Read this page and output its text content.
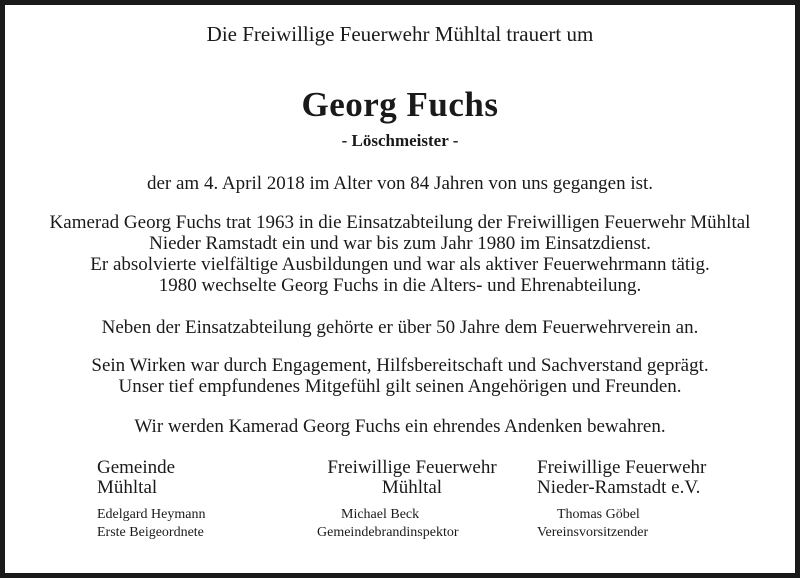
Die Freiwillige Feuerwehr Mühltal trauert um
Georg Fuchs
- Löschmeister -
der am 4. April 2018 im Alter von 84 Jahren von uns gegangen ist.
Kamerad Georg Fuchs trat 1963 in die Einsatzabteilung der Freiwilligen Feuerwehr Mühltal
Nieder Ramstadt ein und war bis zum Jahr 1980 im Einsatzdienst.
Er absolvierte vielfältige Ausbildungen und war als aktiver Feuerwehrmann tätig.
1980 wechselte Georg Fuchs in die Alters- und Ehrenabteilung.
Neben der Einsatzabteilung gehörte er über 50 Jahre dem Feuerwehrverein an.
Sein Wirken war durch Engagement, Hilfsbereitschaft und Sachverstand geprägt.
Unser tief empfundenes Mitgefühl gilt seinen Angehörigen und Freunden.
Wir werden Kamerad Georg Fuchs ein ehrendes Andenken bewahren.
Gemeinde
Mühltal
Edelgard Heymann
Erste Beigeordnete
Freiwillige Feuerwehr
Mühltal
Michael Beck
Gemeindebrandinspektor
Freiwillige Feuerwehr
Nieder-Ramstadt e.V.
Thomas Göbel
Vereinsvorsitzender
